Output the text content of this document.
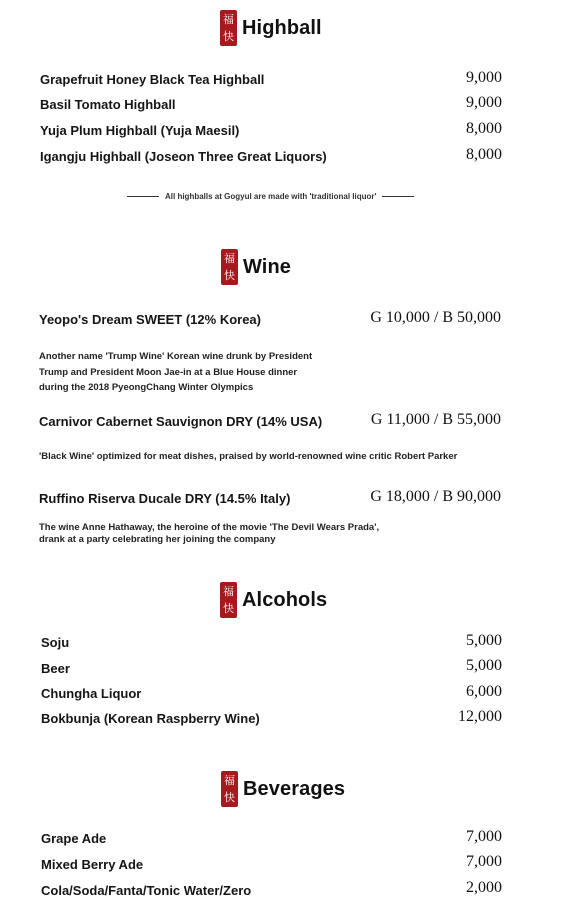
福
快 Highball
Grapefruit Honey Black Tea Highball	9,000
Basil Tomato Highball	9,000
Yuja Plum Highball (Yuja Maesil)	8,000
Igangju Highball (Joseon Three Great Liquors)	8,000
All highballs at Gogyul are made with 'traditional liquor'
福
快 Wine
Yeopo's Dream SWEET (12% Korea)	G 10,000 / B 50,000
Another name 'Trump Wine' Korean wine drunk by President
Trump and President Moon Jae-in at a Blue House dinner
during the 2018 PyeongChang Winter Olympics
Carnivor Cabernet Sauvignon DRY (14% USA)	G 11,000 / B 55,000
'Black Wine' optimized for meat dishes, praised by world-renowned wine critic Robert Parker
Ruffino Riserva Ducale DRY (14.5% Italy)	G 18,000 / B 90,000
The wine Anne Hathaway, the heroine of the movie 'The Devil Wears Prada',
drank at a party celebrating her joining the company
福
快 Alcohols
Soju	5,000
Beer	5,000
Chungha Liquor	6,000
Bokbunja (Korean Raspberry Wine)	12,000
福
快 Beverages
Grape Ade	7,000
Mixed Berry Ade	7,000
Cola/Soda/Fanta/Tonic Water/Zero	2,000
